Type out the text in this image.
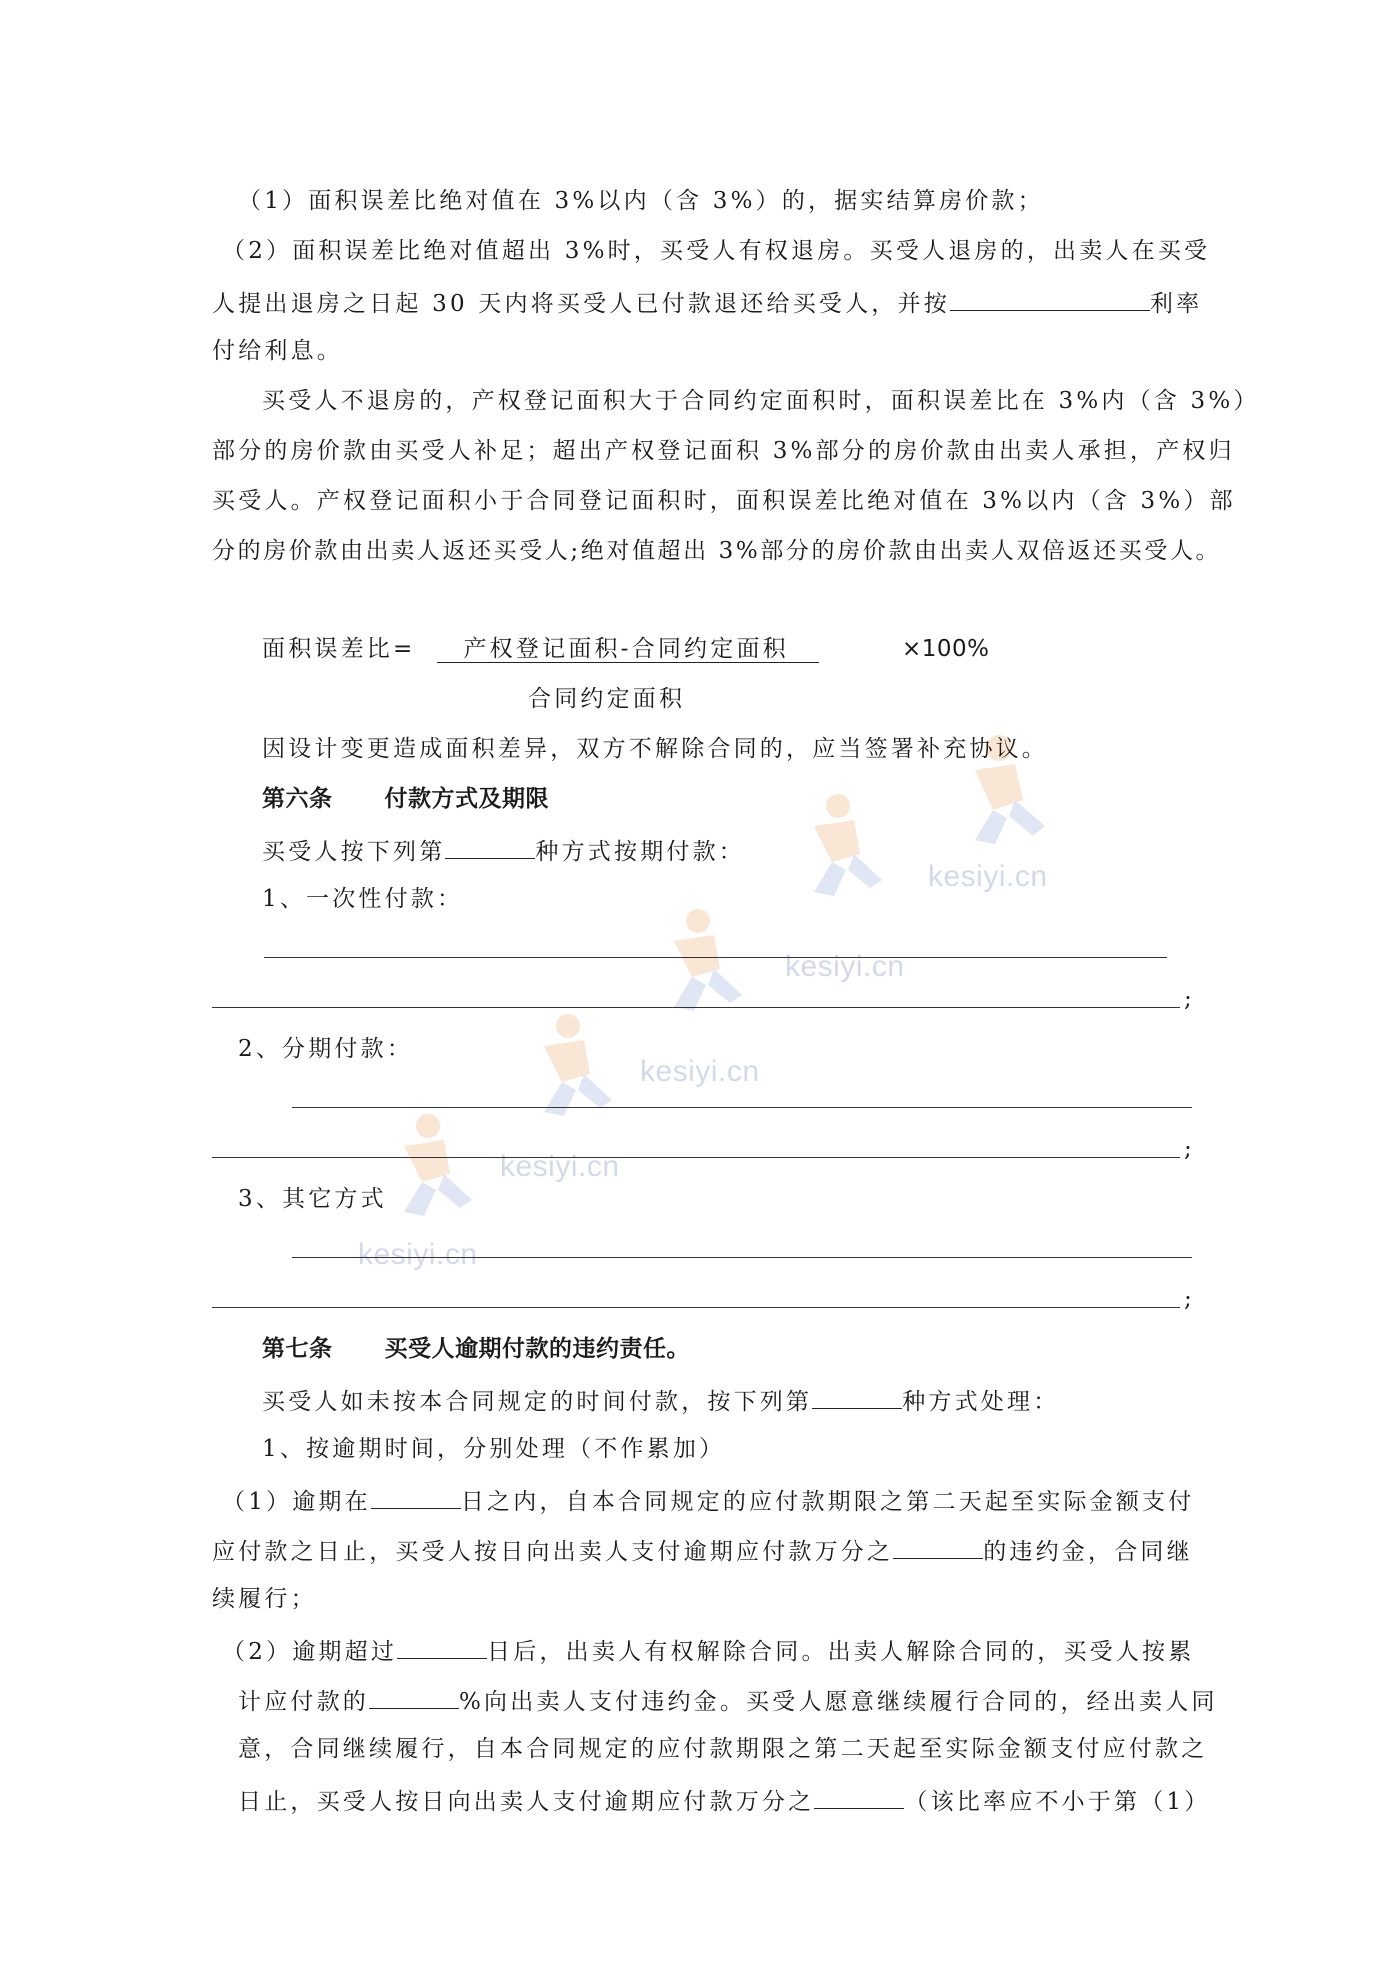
kesiyi.cn
kesiyi.cn
kesiyi.cn
kesiyi.cn
kesiyi.cn
（1）面积误差比绝对值在 3%以内（含 3%）的，据实结算房价款；
（2）面积误差比绝对值超出 3%时，买受人有权退房。买受人退房的，出卖人在买受
人提出退房之日起 30 天内将买受人已付款退还给买受人，并按	利率
付给利息。
买受人不退房的，产权登记面积大于合同约定面积时，面积误差比在 3%内（含 3%）
部分的房价款由买受人补足；超出产权登记面积 3%部分的房价款由出卖人承担，产权归
买受人。产权登记面积小于合同登记面积时，面积误差比绝对值在 3%以内（含 3%）部
分的房价款由出卖人返还买受人;绝对值超出 3%部分的房价款由出卖人双倍返还买受人。
面积误差比= 产权登记面积-合同约定面积	×100%
合同约定面积
因设计变更造成面积差异，双方不解除合同的，应当签署补充协议。
第六条 付款方式及期限
买受人按下列第	种方式按期付款：
1、一次性付款：
;
2、分期付款：
;
3、其它方式
;
第七条 买受人逾期付款的违约责任。
买受人如未按本合同规定的时间付款，按下列第	种方式处理：
1、按逾期时间，分别处理（不作累加）
（1）逾期在	日之内，自本合同规定的应付款期限之第二天起至实际金额支付
应付款之日止，买受人按日向出卖人支付逾期应付款万分之	的违约金，合同继
续履行；
（2）逾期超过	日后，出卖人有权解除合同。出卖人解除合同的，买受人按累
计应付款的	%向出卖人支付违约金。买受人愿意继续履行合同的，经出卖人同
意，合同继续履行，自本合同规定的应付款期限之第二天起至实际金额支付应付款之
日止，买受人按日向出卖人支付逾期应付款万分之	（该比率应不小于第（1）
